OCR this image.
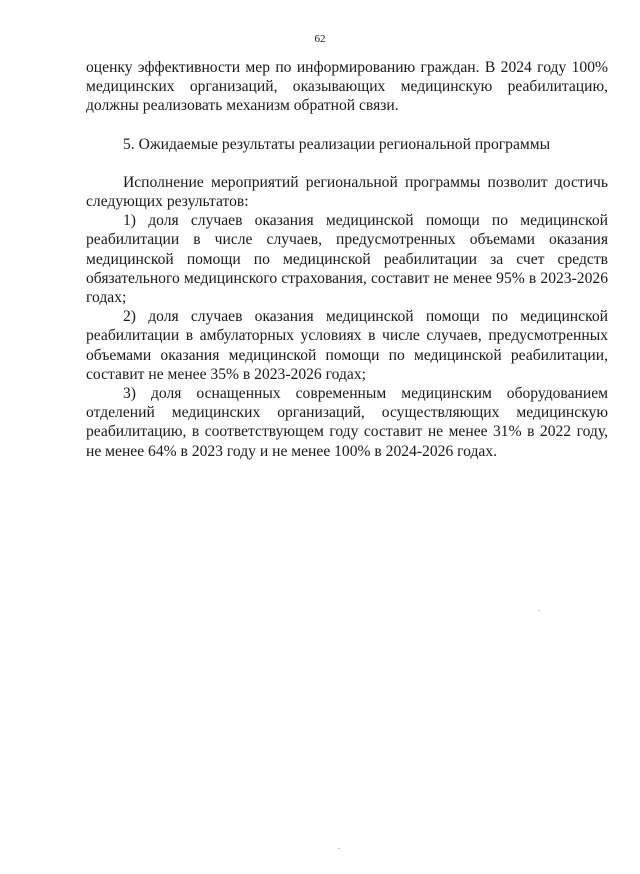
62

оценку эффективности мер по информированию граждан. В 2024 году 100% медицинских организаций, оказывающих медицинскую реабилитацию, должны реализовать механизм обратной связи.

5. Ожидаемые результаты реализации региональной программы

Исполнение мероприятий региональной программы позволит достичь следующих результатов:

1) доля случаев оказания медицинской помощи по медицинской реабилитации в числе случаев, предусмотренных объемами оказания медицинской помощи по медицинской реабилитации за счет средств обязательного медицинского страхования, составит не менее 95% в 2023-2026 годах;

2) доля случаев оказания медицинской помощи по медицинской реабилитации в амбулаторных условиях в числе случаев, предусмотренных объемами оказания медицинской помощи по медицинской реабилитации, составит не менее 35% в 2023-2026 годах;

3) доля оснащенных современным медицинским оборудованием отделений медицинских организаций, осуществляющих медицинскую реабилитацию, в соответствующем году составит не менее 31% в 2022 году, не менее 64% в 2023 году и не менее 100% в 2024-2026 годах.
